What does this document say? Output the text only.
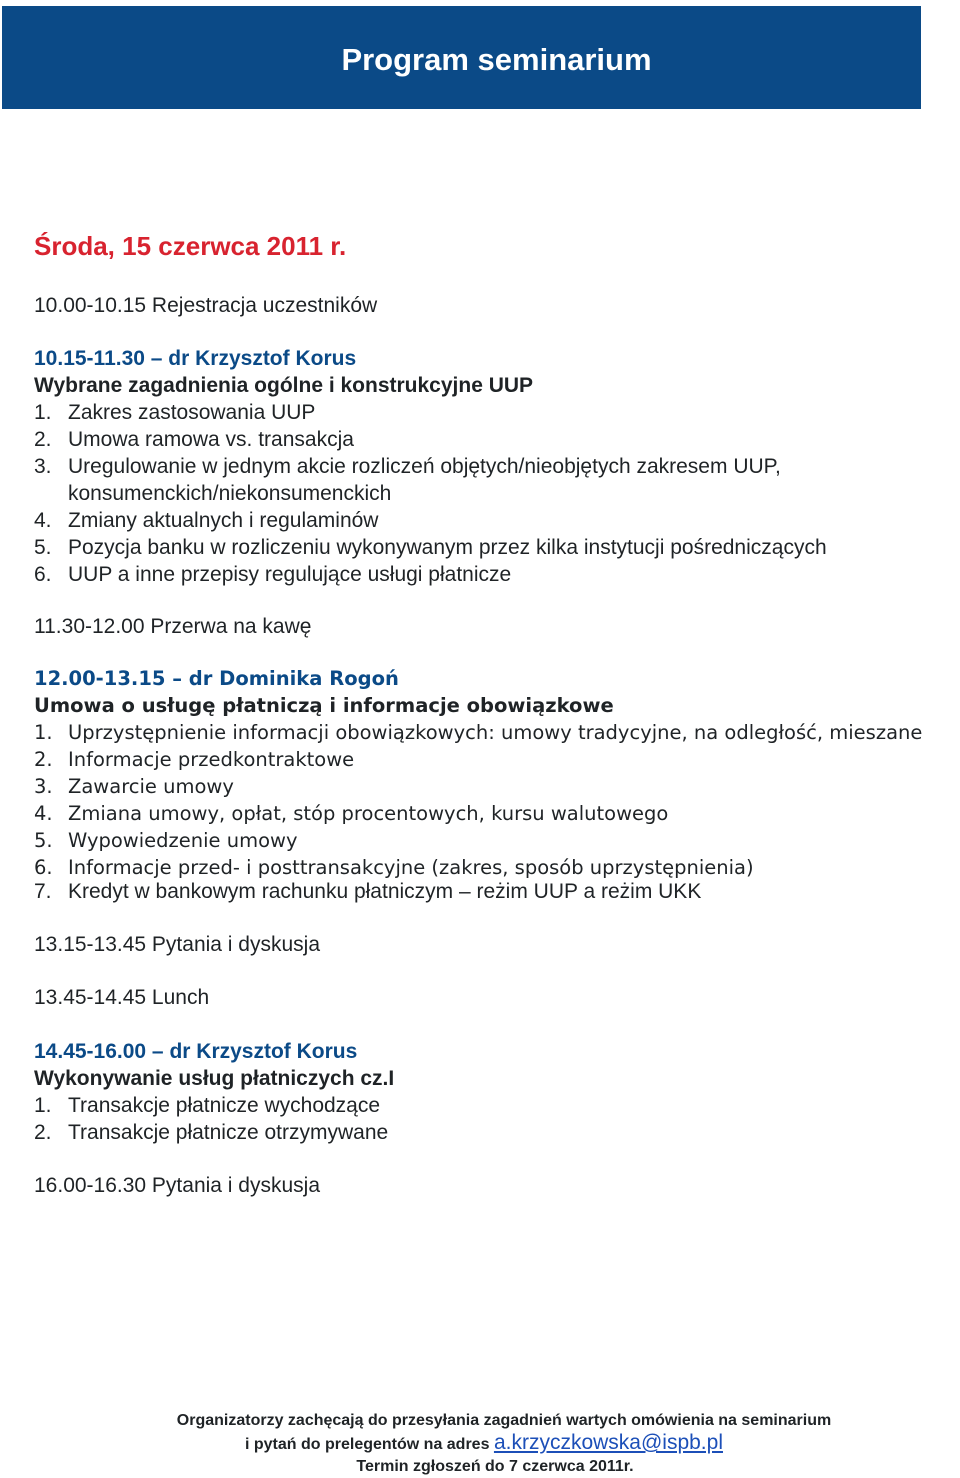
Program seminarium
Środa, 15 czerwca 2011 r.
10.00-10.15 Rejestracja uczestników
10.15-11.30 – dr Krzysztof Korus
Wybrane zagadnienia ogólne i konstrukcyjne UUP
1. Zakres zastosowania UUP
2. Umowa ramowa vs. transakcja
3. Uregulowanie w jednym akcie rozliczeń objętych/nieobjętych zakresem UUP,
konsumenckich/niekonsumenckich
4. Zmiany aktualnych i regulaminów
5. Pozycja banku w rozliczeniu wykonywanym przez kilka instytucji pośredniczących
6. UUP a inne przepisy regulujące usługi płatnicze
11.30-12.00 Przerwa na kawę
12.00-13.15 – dr Dominika Rogoń
Umowa o usługę płatniczą i informacje obowiązkowe
1. Uprzystępnienie informacji obowiązkowych: umowy tradycyjne, na odległość, mieszane
2. Informacje przedkontraktowe
3. Zawarcie umowy
4. Zmiana umowy, opłat, stóp procentowych, kursu walutowego
5. Wypowiedzenie umowy
6. Informacje przed- i posttransakcyjne (zakres, sposób uprzystępnienia)
7. Kredyt w bankowym rachunku płatniczym – reżim UUP a reżim UKK
13.15-13.45 Pytania i dyskusja
13.45-14.45 Lunch
14.45-16.00 – dr Krzysztof Korus
Wykonywanie usług płatniczych cz.I
1. Transakcje płatnicze wychodzące
2. Transakcje płatnicze otrzymywane
16.00-16.30 Pytania i dyskusja
Organizatorzy zachęcają do przesyłania zagadnień wartych omówienia na seminarium
i pytań do prelegentów na adres a.krzyczkowska@ispb.pl
Termin zgłoszeń do 7 czerwca 2011r.
